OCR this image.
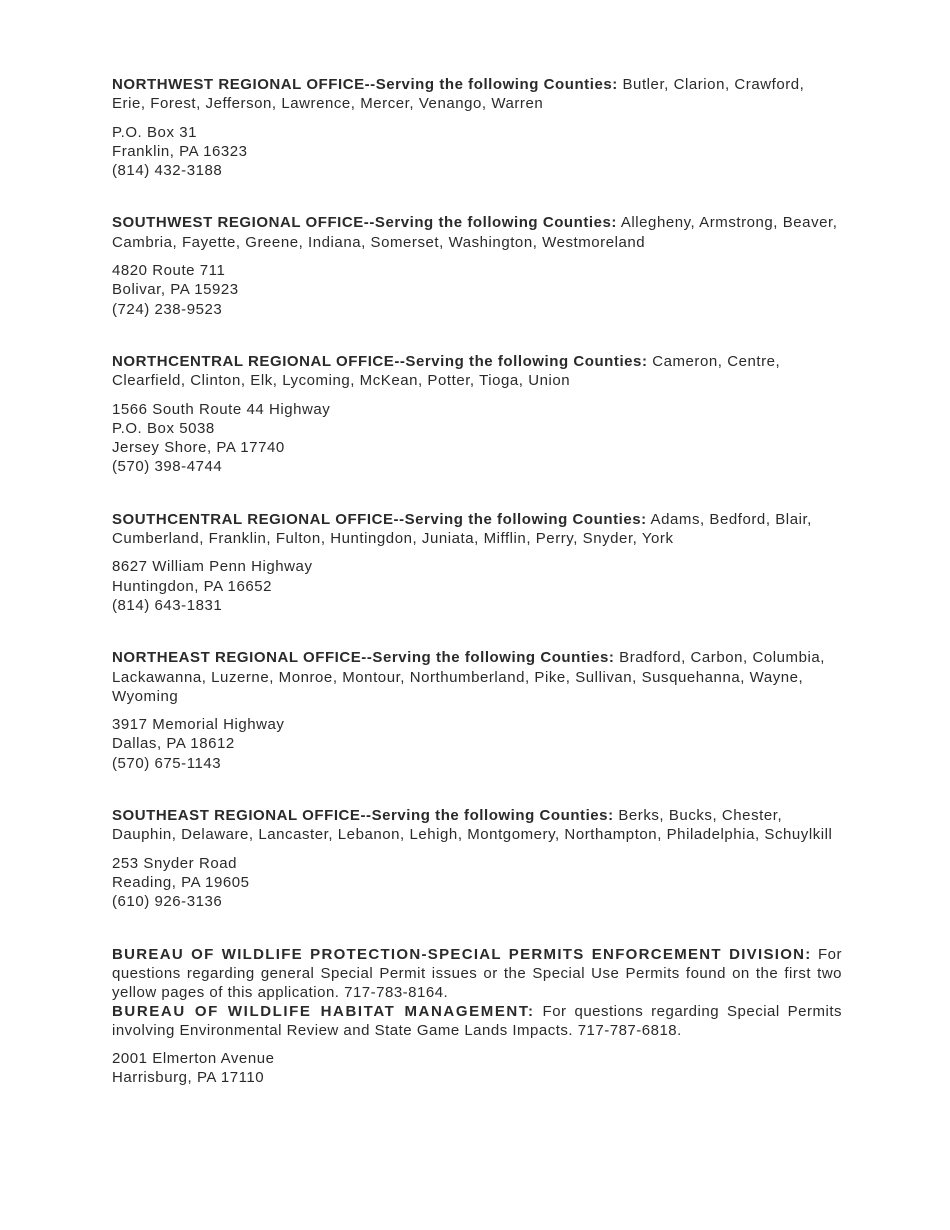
NORTHWEST REGIONAL OFFICE--Serving the following Counties: Butler, Clarion, Crawford, Erie, Forest, Jefferson, Lawrence, Mercer, Venango, Warren

P.O. Box 31
Franklin, PA 16323
(814) 432-3188

SOUTHWEST REGIONAL OFFICE--Serving the following Counties: Allegheny, Armstrong, Beaver, Cambria, Fayette, Greene, Indiana, Somerset, Washington, Westmoreland

4820 Route 711
Bolivar, PA 15923
(724) 238-9523

NORTHCENTRAL REGIONAL OFFICE--Serving the following Counties: Cameron, Centre, Clearfield, Clinton, Elk, Lycoming, McKean, Potter, Tioga, Union

1566 South Route 44 Highway
P.O. Box 5038
Jersey Shore, PA 17740
(570) 398-4744

SOUTHCENTRAL REGIONAL OFFICE--Serving the following Counties: Adams, Bedford, Blair, Cumberland, Franklin, Fulton, Huntingdon, Juniata, Mifflin, Perry, Snyder, York

8627 William Penn Highway
Huntingdon, PA 16652
(814) 643-1831

NORTHEAST REGIONAL OFFICE--Serving the following Counties: Bradford, Carbon, Columbia, Lackawanna, Luzerne, Monroe, Montour, Northumberland, Pike, Sullivan, Susquehanna, Wayne, Wyoming

3917 Memorial Highway
Dallas, PA 18612
(570) 675-1143

SOUTHEAST REGIONAL OFFICE--Serving the following Counties: Berks, Bucks, Chester, Dauphin, Delaware, Lancaster, Lebanon, Lehigh, Montgomery, Northampton, Philadelphia, Schuylkill

253 Snyder Road
Reading, PA 19605
(610) 926-3136

BUREAU OF WILDLIFE PROTECTION-SPECIAL PERMITS ENFORCEMENT DIVISION: For questions regarding general Special Permit issues or the Special Use Permits found on the first two yellow pages of this application. 717-783-8164.

BUREAU OF WILDLIFE HABITAT MANAGEMENT: For questions regarding Special Permits involving Environmental Review and State Game Lands Impacts. 717-787-6818.

2001 Elmerton Avenue
Harrisburg, PA 17110
